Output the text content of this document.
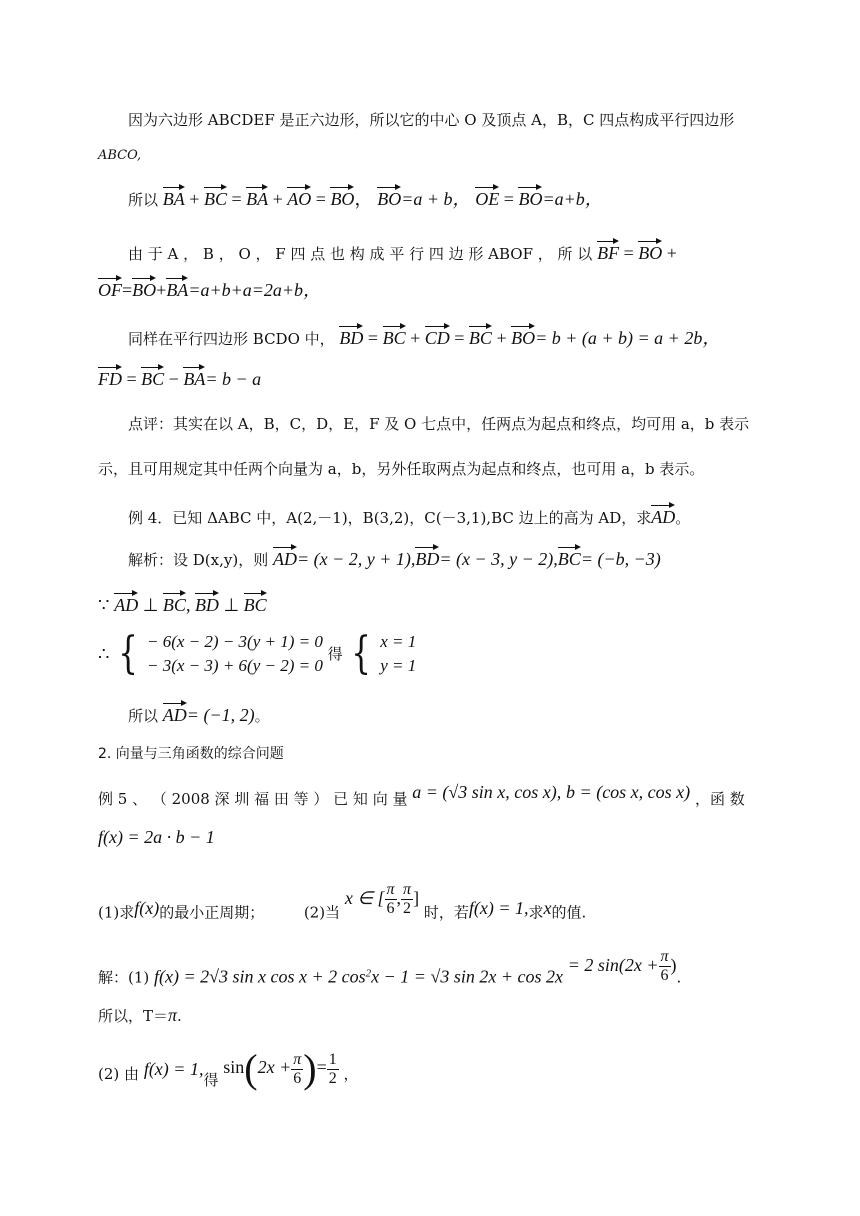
因为六边形 ABCDEF 是正六边形，所以它的中心 O 及顶点 A，B，C 四点构成平行四边形
ABCO,
所以 BA + BC = BA + AO = BO， BO=a + b， OE = BO=a+b，
由 于 A ， B ， O ， F 四 点 也 构 成 平 行 四 边 形 ABOF ， 所 以 BF = BO +
OF=BO+BA=a+b+a=2a+b，
同样在平行四边形 BCDO 中， BD = BC + CD = BC + BO= b + (a + b) = a + 2b，
FD = BC − BA= b − a
点评：其实在以 A，B，C，D，E，F 及 O 七点中，任两点为起点和终点，均可用 a，b 表示
示，且可用规定其中任两个向量为 a，b，另外任取两点为起点和终点，也可用 a，b 表示。
例 4．已知 ΔABC 中，A(2,－1)，B(3,2)，C(－3,1),BC 边上的高为 AD，求AD。
解析：设 D(x,y)，则 AD= (x − 2, y + 1),BD= (x − 3, y − 2),BC= (−b, −3)
∵ AD ⊥ BC, BD ⊥ BC
∴ { − 6(x − 2) − 3(y + 1) = 0
− 3(x − 3) + 6(y − 2) = 0
得 { x = 1
y = 1
所以 AD= (−1, 2)。
2. 向量与三角函数的综合问题
例 5 、 （ 2008 深 圳 福 田 等 ） 已 知 向 量 a = (√3 sin x, cos x), b = (cos x, cos x) ，函 数
f(x) = 2a · b − 1
(1)求f(x)的最小正周期；	(2)当 x ∈ [ $\frac{\pi}{6}$ , $\frac{\pi}{2}$ ] 时，若f(x) = 1,求x的值.
解：(1) f(x) = 2√3 sin x cos x + 2 $\cos^2x - 1 = √3$ sin 2x + cos 2x = 2 $\sin(2x + \frac{\pi}{6}$ ).
所以，T＝π.
(2) 由 f(x) = 1,得 $\sin(2x + \frac{\pi}{6}$ )= $\frac{1}{2}$ ，
